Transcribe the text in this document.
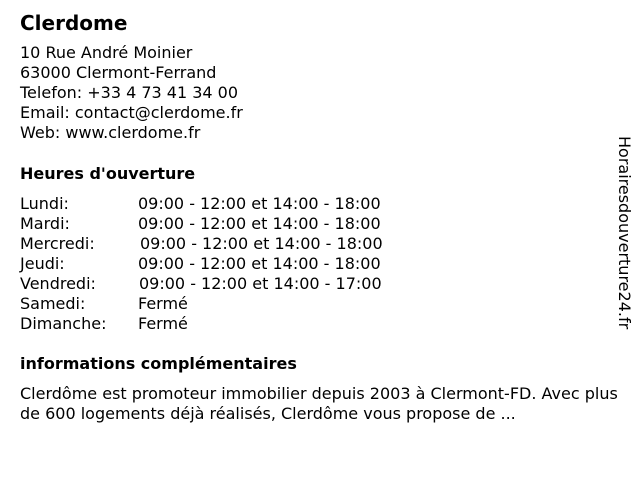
Clerdome
10 Rue André Moinier
63000 Clermont-Ferrand
Telefon: +33 4 73 41 34 00
Email: contact@clerdome.fr
Web: www.clerdome.fr
Heures d'ouverture
Lundi:	09:00 - 12:00 et 14:00 - 18:00
Mardi:	09:00 - 12:00 et 14:00 - 18:00
Mercredi:	09:00 - 12:00 et 14:00 - 18:00
Jeudi:	09:00 - 12:00 et 14:00 - 18:00
Vendredi:	09:00 - 12:00 et 14:00 - 17:00
Samedi:	Fermé
Dimanche: Fermé
informations complémentaires
Clerdôme est promoteur immobilier depuis 2003 à Clermont-FD. Avec plus de 600 logements déjà réalisés, Clerdôme vous propose de ...
Horairesdouverture24.fr
